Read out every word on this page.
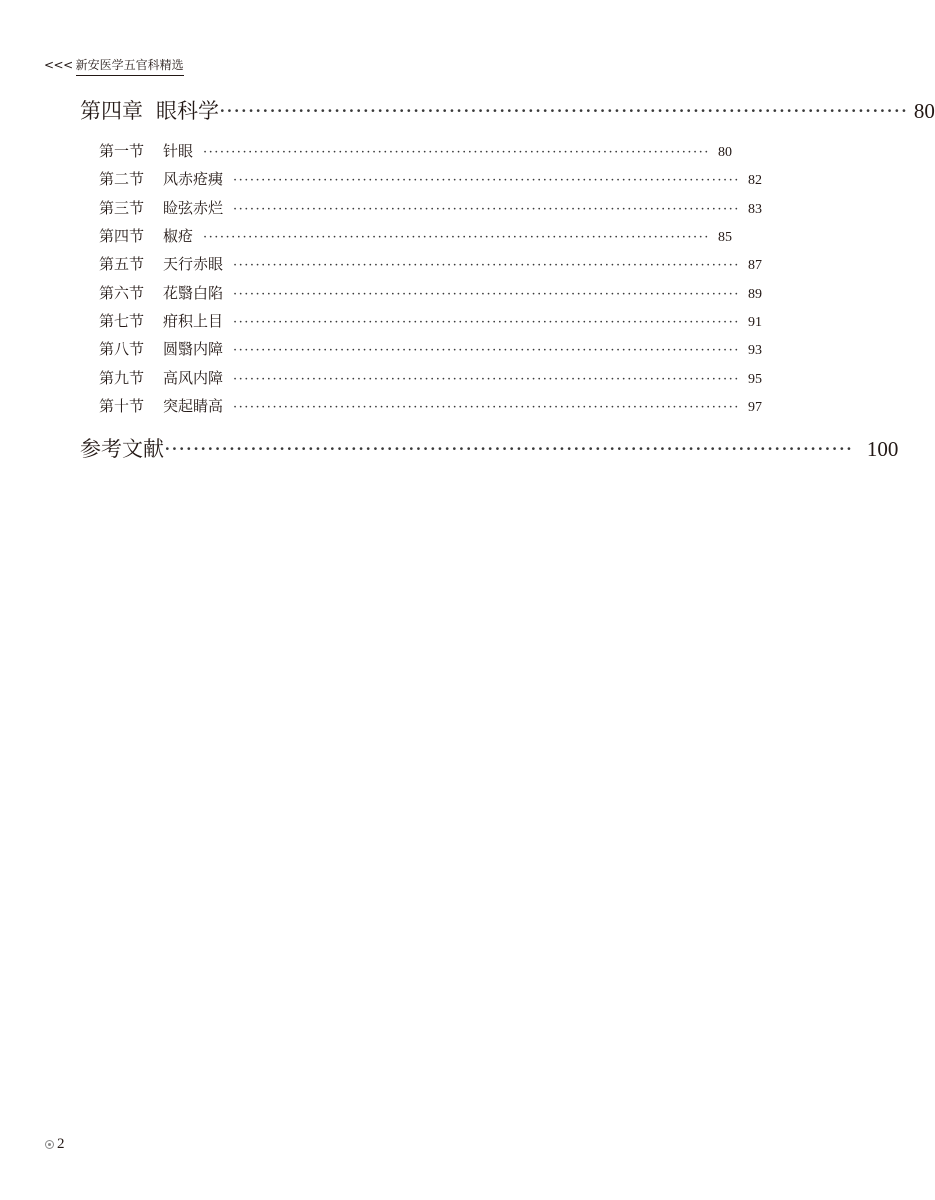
<<< 新安医学五官科精选
第四章 眼科学 ································································································ 80
第一节	针眼 ·························································································· 80
第二节	风赤疮痍 ·························································································· 82
第三节	睑弦赤烂 ·························································································· 83
第四节	椒疮 ·························································································· 85
第五节	天行赤眼 ·························································································· 87
第六节	花翳白陷 ·························································································· 89
第七节	疳积上目 ·························································································· 91
第八节	圆翳内障 ·························································································· 93
第九节	高风内障 ·························································································· 95
第十节	突起睛高 ·························································································· 97
参考文献 ································································································ 100
2
